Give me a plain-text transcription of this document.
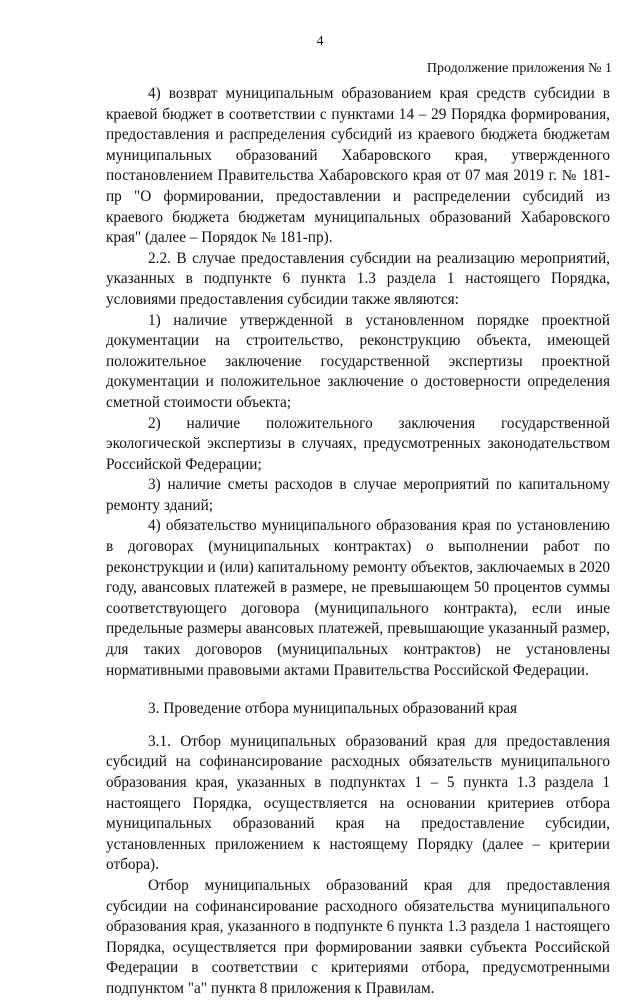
4
Продолжение приложения № 1

4) возврат муниципальным образованием края средств субсидии в краевой бюджет в соответствии с пунктами 14 – 29 Порядка формирования, предоставления и распределения субсидий из краевого бюджета бюджетам муниципальных образований Хабаровского края, утвержденного постановлением Правительства Хабаровского края от 07 мая 2019 г. № 181-пр "О формировании, предоставлении и распределении субсидий из краевого бюджета бюджетам муниципальных образований Хабаровского края" (далее – Порядок № 181-пр).

2.2. В случае предоставления субсидии на реализацию мероприятий, указанных в подпункте 6 пункта 1.3 раздела 1 настоящего Порядка, условиями предоставления субсидии также являются:

1) наличие утвержденной в установленном порядке проектной документации на строительство, реконструкцию объекта, имеющей положительное заключение государственной экспертизы проектной документации и положительное заключение о достоверности определения сметной стоимости объекта;

2) наличие положительного заключения государственной экологической экспертизы в случаях, предусмотренных законодательством Российской Федерации;

3) наличие сметы расходов в случае мероприятий по капитальному ремонту зданий;

4) обязательство муниципального образования края по установлению в договорах (муниципальных контрактах) о выполнении работ по реконструкции и (или) капитальному ремонту объектов, заключаемых в 2020 году, авансовых платежей в размере, не превышающем 50 процентов суммы соответствующего договора (муниципального контракта), если иные предельные размеры авансовых платежей, превышающие указанный размер, для таких договоров (муниципальных контрактов) не установлены нормативными правовыми актами Правительства Российской Федерации.

3. Проведение отбора муниципальных образований края

3.1. Отбор муниципальных образований края для предоставления субсидий на софинансирование расходных обязательств муниципального образования края, указанных в подпунктах 1 – 5 пункта 1.3 раздела 1 настоящего Порядка, осуществляется на основании критериев отбора муниципальных образований края на предоставление субсидии, установленных приложением к настоящему Порядку (далее – критерии отбора).

Отбор муниципальных образований края для предоставления субсидии на софинансирование расходного обязательства муниципального образования края, указанного в подпункте 6 пункта 1.3 раздела 1 настоящего Порядка, осуществляется при формировании заявки субъекта Российской Федерации в соответствии с критериями отбора, предусмотренными подпунктом "а" пункта 8 приложения к Правилам.
